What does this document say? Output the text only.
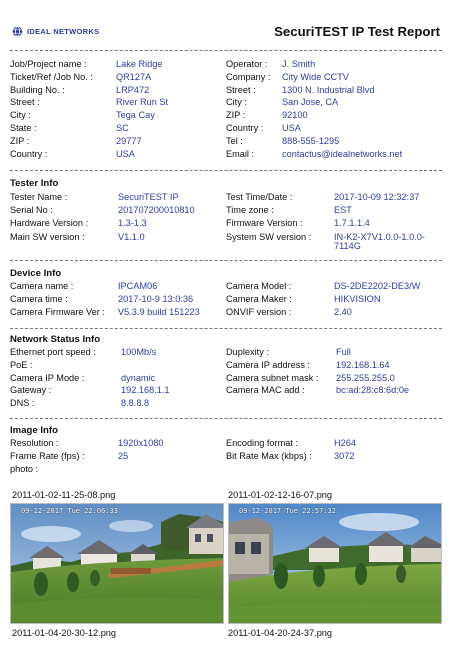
IDEAL NETWORKS	SecuriTEST IP Test Report
Job/Project name :	Lake Ridge
Ticket/Ref /Job No. :	QR127A
Building No. :	LRP472
Street :	River Run St
City :	Tega Cay
State :	SC
ZIP :	29777
Country :	USA
Operator : J. Smith
Company : City Wide CCTV
Street :	1300 N. Industrial Blvd
City :	San Jose, CA
ZIP :	92100
Country : USA
Tel :	888-555-1295
Email :	contactus@idealnetworks.net
Tester Info
Tester Name :	SecuriTEST IP
Serial No :	201707200010810
Hardware Version :	1.3-1.3
Main SW version :	V1.1.0
Test Time/Date :	2017-10-09 12:32:37
Time zone :	EST
Firmware Version :	1.7.1.1.4
System SW version : IN-K2-X7V1.0.0-1.0.0-
7114G
Device Info
Camera name :	IPCAM06
Camera time :	2017-10-9 13:0:36
Camera Firmware Ver : V5.3.9 build 151223
Camera Model :	DS-2DE2202-DE3/W
Camera Maker :	HIKVISION
ONVIF version :	2.40
Network Status Info
Ethernet port speed :	100Mb/s
PoE :
Camera IP Mode :	dynamic
Gateway :	192.168.1.1
DNS :	8.8.8.8
Duplexity :	Full
Camera IP address :	192.168.1.64
Camera subnet mask : 255.255.255.0
Camera MAC add :	bc:ad:28:c8:6d:0e
Image Info
Resolution :	1920x1080
Frame Rate (fps) :	25
photo :
Encoding format :	H264
Bit Rate Max (kbps) : 3072
2011-01-02-11-25-08.png	2011-01-02-12-16-07.png
09-12-2017 Tue 22:06:33	09-12-2017 Tue 22:57:32
2011-01-04-20-30-12.png	2011-01-04-20-24-37.png
